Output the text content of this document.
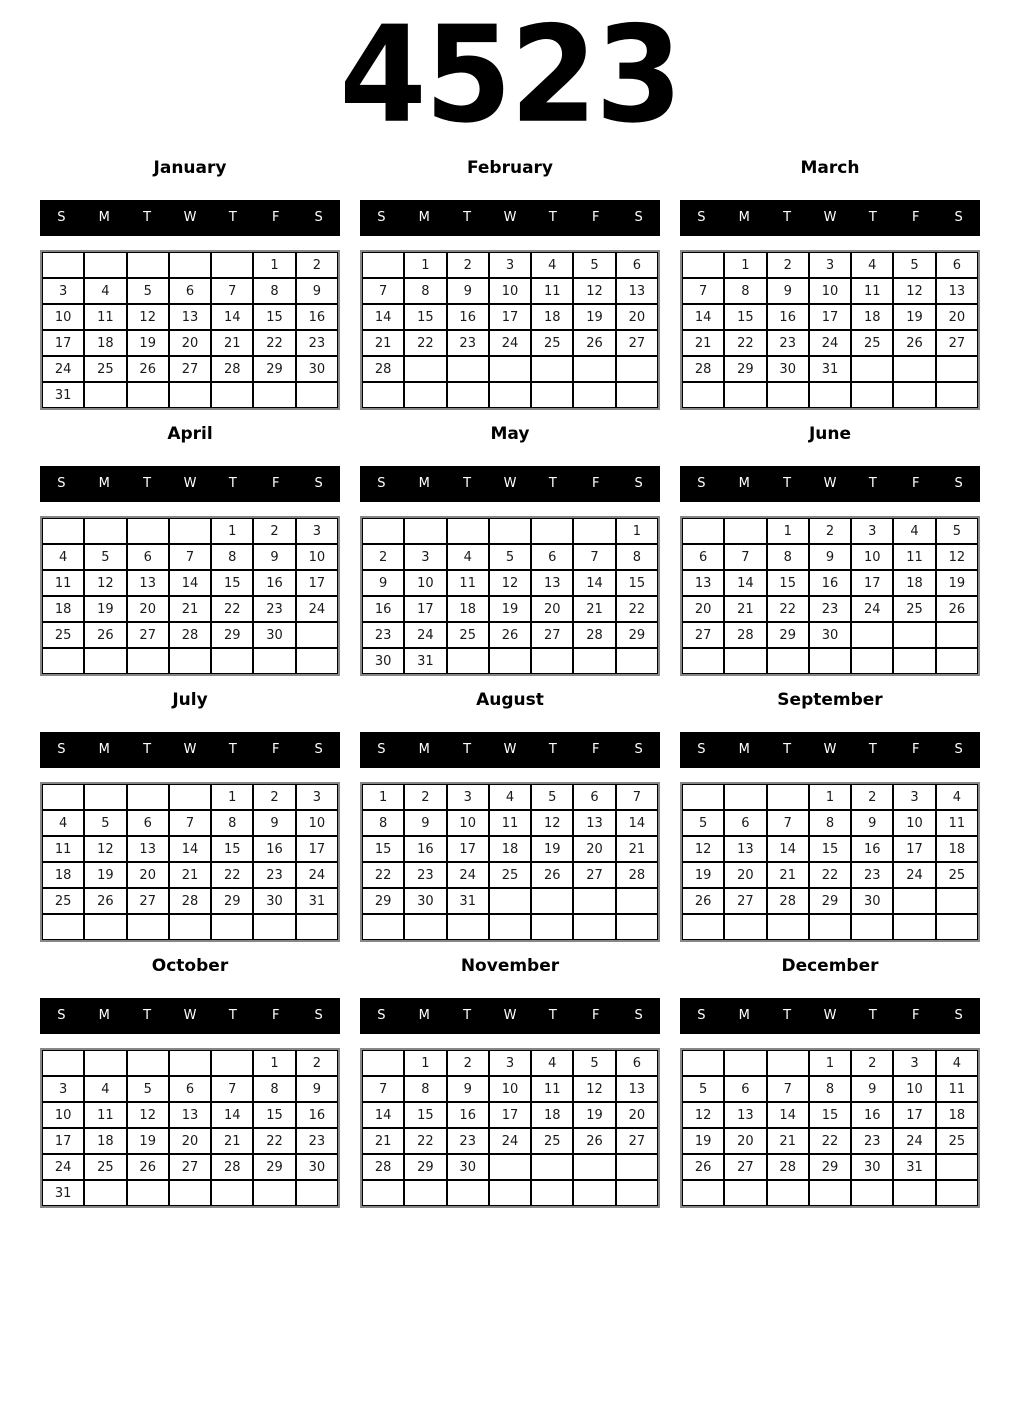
4523
January
S	M	T	W	T	F	S
					1	2
3	4	5	6	7	8	9
10	11	12	13	14	15	16
17	18	19	20	21	22	23
24	25	26	27	28	29	30
31						
February
S	M	T	W	T	F	S
	1	2	3	4	5	6
7	8	9	10	11	12	13
14	15	16	17	18	19	20
21	22	23	24	25	26	27
28						

March
S	M	T	W	T	F	S
	1	2	3	4	5	6
7	8	9	10	11	12	13
14	15	16	17	18	19	20
21	22	23	24	25	26	27
28	29	30	31			

April
S	M	T	W	T	F	S
				1	2	3
4	5	6	7	8	9	10
11	12	13	14	15	16	17
18	19	20	21	22	23	24
25	26	27	28	29	30	

May
S	M	T	W	T	F	S
						1
2	3	4	5	6	7	8
9	10	11	12	13	14	15
16	17	18	19	20	21	22
23	24	25	26	27	28	29
30	31					
June
S	M	T	W	T	F	S
		1	2	3	4	5
6	7	8	9	10	11	12
13	14	15	16	17	18	19
20	21	22	23	24	25	26
27	28	29	30			

July
S	M	T	W	T	F	S
				1	2	3
4	5	6	7	8	9	10
11	12	13	14	15	16	17
18	19	20	21	22	23	24
25	26	27	28	29	30	31

August
S	M	T	W	T	F	S
1	2	3	4	5	6	7
8	9	10	11	12	13	14
15	16	17	18	19	20	21
22	23	24	25	26	27	28
29	30	31				

September
S	M	T	W	T	F	S
			1	2	3	4
5	6	7	8	9	10	11
12	13	14	15	16	17	18
19	20	21	22	23	24	25
26	27	28	29	30		

October
S	M	T	W	T	F	S
					1	2
3	4	5	6	7	8	9
10	11	12	13	14	15	16
17	18	19	20	21	22	23
24	25	26	27	28	29	30
31						
November
S	M	T	W	T	F	S
	1	2	3	4	5	6
7	8	9	10	11	12	13
14	15	16	17	18	19	20
21	22	23	24	25	26	27
28	29	30				

December
S	M	T	W	T	F	S
			1	2	3	4
5	6	7	8	9	10	11
12	13	14	15	16	17	18
19	20	21	22	23	24	25
26	27	28	29	30	31	
